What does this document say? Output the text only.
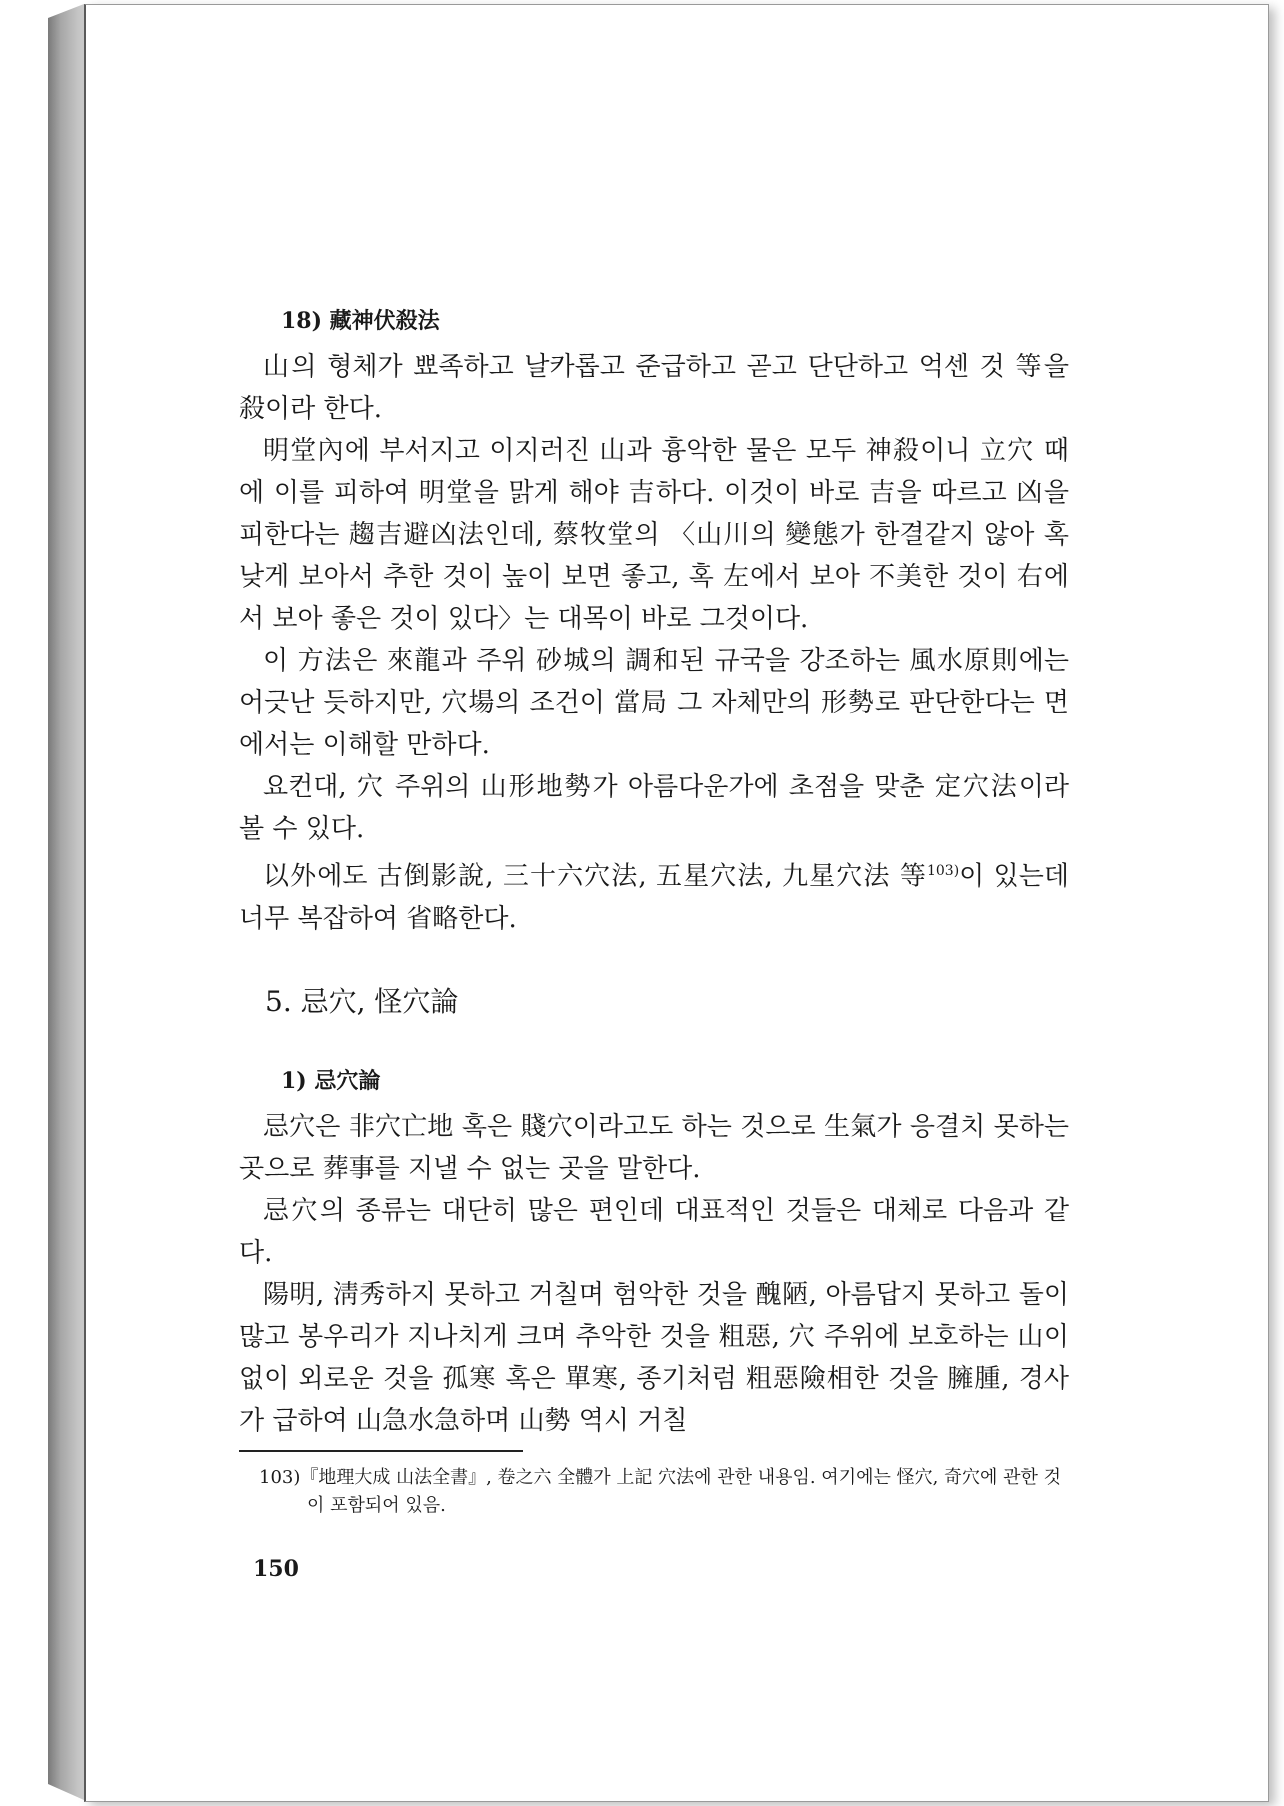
18) 藏神伏殺法

山의 형체가 뾰족하고 날카롭고 준급하고 곧고 단단하고 억센 것 等을 殺이라 한다.

明堂內에 부서지고 이지러진 山과 흉악한 물은 모두 神殺이니 立穴 때에 이를 피하여 明堂을 맑게 해야 吉하다. 이것이 바로 吉을 따르고 凶을 피한다는 趨吉避凶法인데, 蔡牧堂의 〈山川의 變態가 한결같지 않아 혹 낮게 보아서 추한 것이 높이 보면 좋고, 혹 左에서 보아 不美한 것이 右에서 보아 좋은 것이 있다〉는 대목이 바로 그것이다.

이 方法은 來龍과 주위 砂城의 調和된 규국을 강조하는 風水原則에는 어긋난 듯하지만, 穴場의 조건이 當局 그 자체만의 形勢로 판단한다는 면에서는 이해할 만하다.

요컨대, 穴 주위의 山形地勢가 아름다운가에 초점을 맞춘 定穴法이라 볼 수 있다.

以外에도 古倒影說, 三十六穴法, 五星穴法, 九星穴法 等$^{103)}$이 있는데 너무 복잡하여 省略한다.

5. 忌穴, 怪穴論
1) 忌穴論

忌穴은 非穴亡地 혹은 賤穴이라고도 하는 것으로 生氣가 응결치 못하는 곳으로 葬事를 지낼 수 없는 곳을 말한다.

忌穴의 종류는 대단히 많은 편인데 대표적인 것들은 대체로 다음과 같다.

陽明, 淸秀하지 못하고 거칠며 험악한 것을 醜陋, 아름답지 못하고 돌이 많고 봉우리가 지나치게 크며 추악한 것을 粗惡, 穴 주위에 보호하는 山이 없이 외로운 것을 孤寒 혹은 單寒, 종기처럼 粗惡險相한 것을 臃腫, 경사가 급하여 山急水急하며 山勢 역시 거칠

103)『地理大成 山法全書』, 卷之六 全體가 上記 穴法에 관한 내용임. 여기에는 怪穴, 奇穴에 관한 것이 포함되어 있음.

150
